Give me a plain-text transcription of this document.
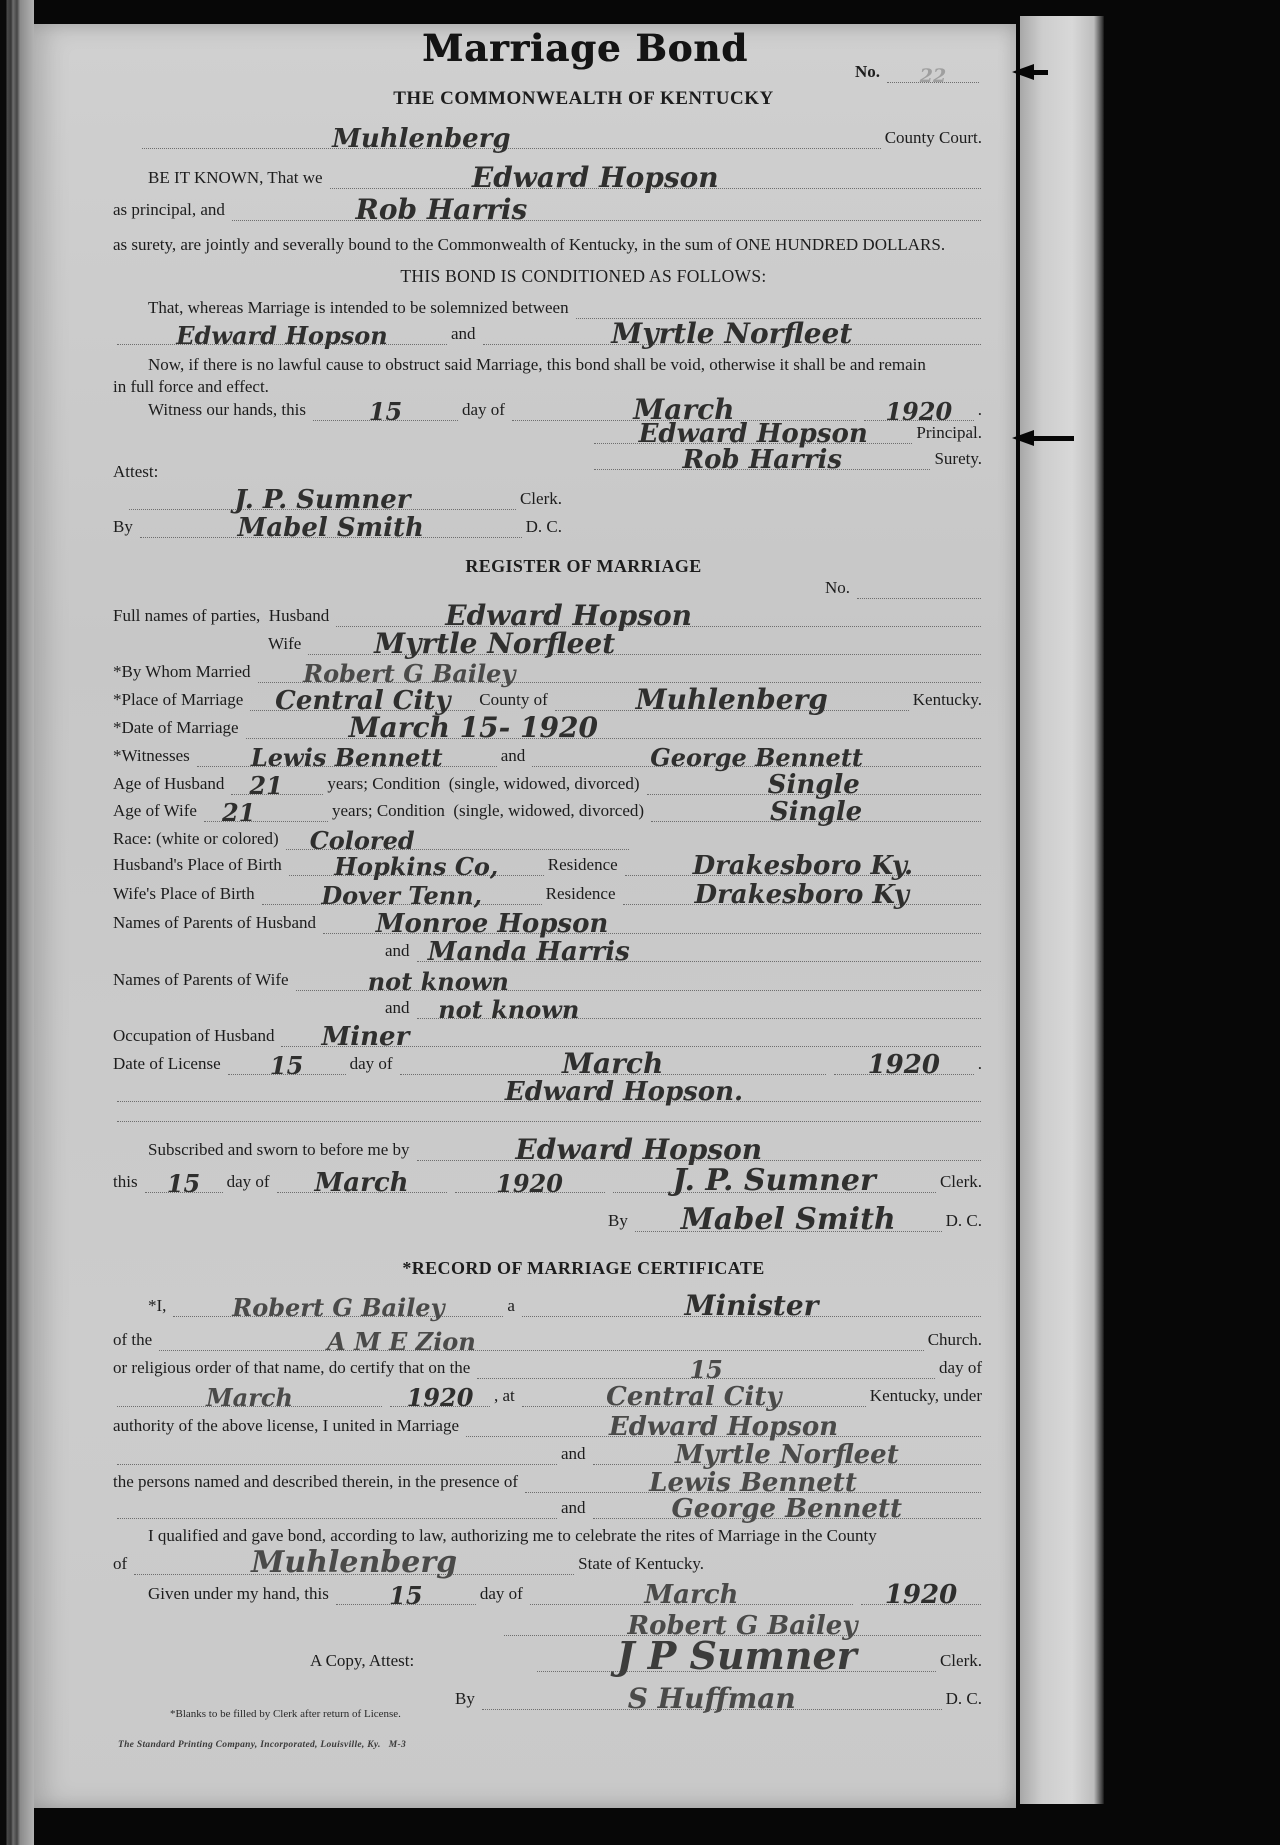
Marriage Bond
No.	22
THE COMMONWEALTH OF KENTUCKY
Muhlenberg	County Court.
BE IT KNOWN, That we	Edward Hopson
as principal, and	Rob Harris
as surety, are jointly and severally bound to the Commonwealth of Kentucky, in the sum of ONE HUNDRED DOLLARS.
THIS BOND IS CONDITIONED AS FOLLOWS:
That, whereas Marriage is intended to be solemnized between
Edward Hopson	and	Myrtle Norfleet
Now, if there is no lawful cause to obstruct said Marriage, this bond shall be void, otherwise it shall be and remain
in full force and effect.
Witness our hands, this	15	day of	March	1920	.
Edward Hopson	Principal.
Rob Harris	Surety.
Attest:
J. P. Sumner	Clerk.
By	Mabel Smith	D. C.
REGISTER OF MARRIAGE
No.
Full names of parties,  Husband	Edward Hopson
Wife	Myrtle Norfleet
*By Whom Married	Robert G Bailey
*Place of Marriage	Central City	County of	Muhlenberg	Kentucky.
*Date of Marriage	March 15- 1920
*Witnesses	Lewis Bennett	and	George Bennett
Age of Husband 21	years; Condition  (single, widowed, divorced)	Single
Age of Wife 21	years; Condition  (single, widowed, divorced)	Single
Race: (white or colored) Colored
Husband's Place of Birth	Hopkins Co,	Residence	Drakesboro Ky.
Wife's Place of Birth	Dover Tenn,	Residence	Drakesboro Ky
Names of Parents of Husband	Monroe Hopson
and Manda Harris
Names of Parents of Wife	not known
and	not known
Occupation of Husband Miner
Date of License	15	day of	March	1920	.
Edward Hopson.
Subscribed and sworn to before me by	Edward Hopson
this	15	day of	March	1920	J. P. Sumner	Clerk.
By	Mabel Smith	D. C.
*RECORD OF MARRIAGE CERTIFICATE
*I,	Robert G Bailey	a	Minister
of the	A M E Zion	Church.
or religious order of that name, do certify that on the	15	day of
March	1920	, at	Central City	Kentucky, under
authority of the above license, I united in Marriage	Edward Hopson
and	Myrtle Norfleet
the persons named and described therein, in the presence of	Lewis Bennett
and	George Bennett
I qualified and gave bond, according to law, authorizing me to celebrate the rites of Marriage in the County
of	Muhlenberg	State of Kentucky.
Given under my hand, this	15	day of	March	1920
Robert G Bailey
A Copy, Attest:	J P Sumner	Clerk.
By	S Huffman	D. C.
*Blanks to be filled by Clerk after return of License.
The Standard Printing Company, Incorporated, Louisville, Ky.   M-3
